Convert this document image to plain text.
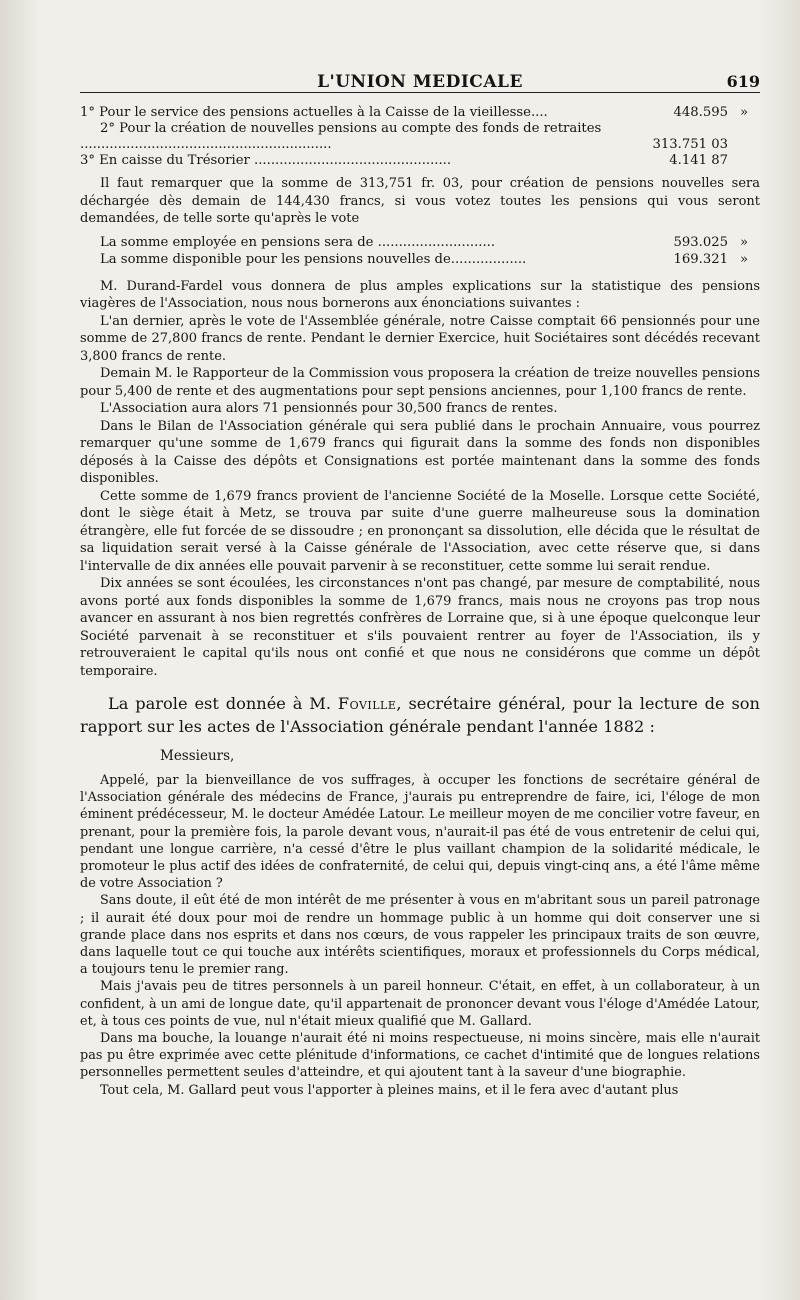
L'UNION MEDICALE	619
1° Pour le service des pensions actuelles à la Caisse de la vieillesse....	448.595 »
2° Pour la création de nouvelles pensions au compte des fonds de retraites ............................................................	313.751 03
3° En caisse du Trésorier ...............................................	4.141 87

Il faut remarquer que la somme de 313,751 fr. 03, pour création de pensions nouvelles sera déchargée dès demain de 144,430 francs, si vous votez toutes les pensions qui vous seront demandées, de telle sorte qu'après le vote

La somme employée en pensions sera de ............................	593.025 »
La somme disponible pour les pensions nouvelles de..................	169.321 »

M. Durand-Fardel vous donnera de plus amples explications sur la statistique des pensions viagères de l'Association, nous nous bornerons aux énonciations suivantes :

L'an dernier, après le vote de l'Assemblée générale, notre Caisse comptait 66 pensionnés pour une somme de 27,800 francs de rente. Pendant le dernier Exercice, huit Sociétaires sont décédés recevant 3,800 francs de rente.

Demain M. le Rapporteur de la Commission vous proposera la création de treize nouvelles pensions pour 5,400 de rente et des augmentations pour sept pensions anciennes, pour 1,100 francs de rente.

L'Association aura alors 71 pensionnés pour 30,500 francs de rentes.

Dans le Bilan de l'Association générale qui sera publié dans le prochain Annuaire, vous pourrez remarquer qu'une somme de 1,679 francs qui figurait dans la somme des fonds non disponibles déposés à la Caisse des dépôts et Consignations est portée maintenant dans la somme des fonds disponibles.

Cette somme de 1,679 francs provient de l'ancienne Société de la Moselle. Lorsque cette Société, dont le siège était à Metz, se trouva par suite d'une guerre malheureuse sous la domination étrangère, elle fut forcée de se dissoudre ; en prononçant sa dissolution, elle décida que le résultat de sa liquidation serait versé à la Caisse générale de l'Association, avec cette réserve que, si dans l'intervalle de dix années elle pouvait parvenir à se reconstituer, cette somme lui serait rendue.

Dix années se sont écoulées, les circonstances n'ont pas changé, par mesure de comptabilité, nous avons porté aux fonds disponibles la somme de 1,679 francs, mais nous ne croyons pas trop nous avancer en assurant à nos bien regrettés confrères de Lorraine que, si à une époque quelconque leur Société parvenait à se reconstituer et s'ils pouvaient rentrer au foyer de l'Association, ils y retrouveraient le capital qu'ils nous ont confié et que nous ne considérons que comme un dépôt temporaire.

La parole est donnée à M. Foville, secrétaire général, pour la lecture de son rapport sur les actes de l'Association générale pendant l'année 1882 :

Messieurs,

Appelé, par la bienveillance de vos suffrages, à occuper les fonctions de secrétaire général de l'Association générale des médecins de France, j'aurais pu entreprendre de faire, ici, l'éloge de mon éminent prédécesseur, M. le docteur Amédée Latour. Le meilleur moyen de me concilier votre faveur, en prenant, pour la première fois, la parole devant vous, n'aurait-il pas été de vous entretenir de celui qui, pendant une longue carrière, n'a cessé d'être le plus vaillant champion de la solidarité médicale, le promoteur le plus actif des idées de confraternité, de celui qui, depuis vingt-cinq ans, a été l'âme même de votre Association ?

Sans doute, il eût été de mon intérêt de me présenter à vous en m'abritant sous un pareil patronage ; il aurait été doux pour moi de rendre un hommage public à un homme qui doit conserver une si grande place dans nos esprits et dans nos cœurs, de vous rappeler les principaux traits de son œuvre, dans laquelle tout ce qui touche aux intérêts scientifiques, moraux et professionnels du Corps médical, a toujours tenu le premier rang.

Mais j'avais peu de titres personnels à un pareil honneur. C'était, en effet, à un collaborateur, à un confident, à un ami de longue date, qu'il appartenait de prononcer devant vous l'éloge d'Amédée Latour, et, à tous ces points de vue, nul n'était mieux qualifié que M. Gallard.

Dans ma bouche, la louange n'aurait été ni moins respectueuse, ni moins sincère, mais elle n'aurait pas pu être exprimée avec cette plénitude d'informations, ce cachet d'intimité que de longues relations personnelles permettent seules d'atteindre, et qui ajoutent tant à la saveur d'une biographie.

Tout cela, M. Gallard peut vous l'apporter à pleines mains, et il le fera avec d'autant plus
